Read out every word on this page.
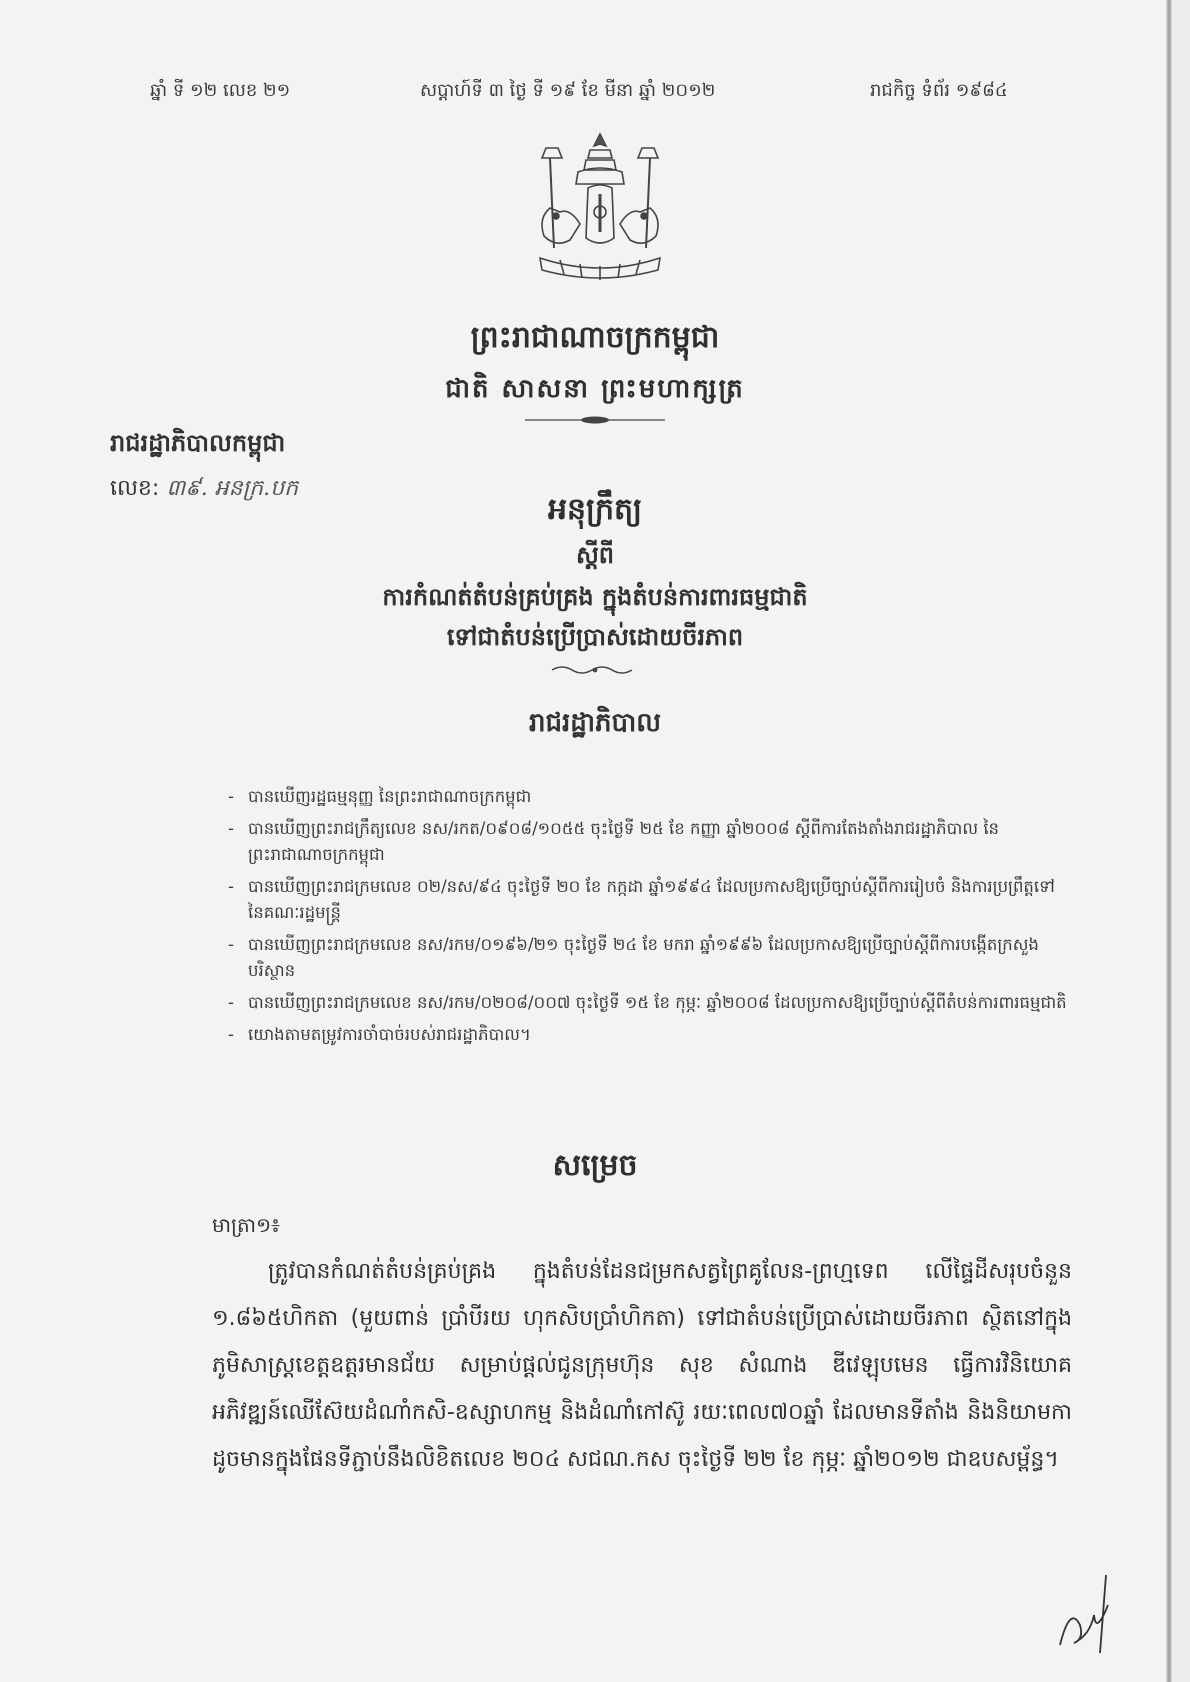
ឆ្នាំ ទី ១២ លេខ ២១	សប្តាហ៍ទី ៣ ថ្ងៃ ទី ១៩ ខែ មីនា ឆ្នាំ ២០១២	រាជកិច្ច ទំព័រ ១៩៨៤
ព្រះរាជាណាចក្រកម្ពុជា
ជាតិ សាសនា ព្រះមហាក្សត្រ
រាជរដ្ឋាភិបាលកម្ពុជា
លេខ: ៣៩. អនក្រ.បក
អនុក្រឹត្យ
ស្តីពី
ការកំណត់តំបន់គ្រប់គ្រង ក្នុងតំបន់ការពារធម្មជាតិ
ទៅជាតំបន់ប្រើប្រាស់ដោយចីរភាព
រាជរដ្ឋាភិបាល
- បានឃើញរដ្ឋធម្មនុញ្ញ នៃព្រះរាជាណាចក្រកម្ពុជា
- បានឃើញព្រះរាជក្រឹត្យលេខ នស/រកត/០៩០៨/១០៥៥ ចុះថ្ងៃទី ២៥ ខែ កញ្ញា ឆ្នាំ២០០៨ ស្តីពីការតែងតាំងរាជរដ្ឋាភិបាល នៃព្រះរាជាណាចក្រកម្ពុជា
- បានឃើញព្រះរាជក្រមលេខ ០២/នស/៩៤ ចុះថ្ងៃទី ២០ ខែ កក្កដា ឆ្នាំ១៩៩៤ ដែលប្រកាសឱ្យប្រើច្បាប់ស្តីពីការរៀបចំ និងការប្រព្រឹត្តទៅ នៃគណៈរដ្ឋមន្ត្រី
- បានឃើញព្រះរាជក្រមលេខ នស/រកម/០១៩៦/២១ ចុះថ្ងៃទី ២៤ ខែ មករា ឆ្នាំ១៩៩៦ ដែលប្រកាសឱ្យប្រើច្បាប់ស្តីពីការបង្កើតក្រសួងបរិស្ថាន
- បានឃើញព្រះរាជក្រមលេខ នស/រកម/០២០៨/០០៧ ចុះថ្ងៃទី ១៥ ខែ កុម្ភៈ ឆ្នាំ២០០៨ ដែលប្រកាសឱ្យប្រើច្បាប់ស្តីពីតំបន់ការពារធម្មជាតិ
- យោងតាមតម្រូវការចាំបាច់របស់រាជរដ្ឋាភិបាល។
សម្រេច
មាត្រា១៖
ត្រូវបានកំណត់តំបន់គ្រប់គ្រង ក្នុងតំបន់ដែនជម្រកសត្វព្រៃគូលែន-ព្រហ្មទេព លើផ្ទៃដីសរុបចំនួន ១.៨៦៥ហិកតា (មួយពាន់ ប្រាំបីរយ ហុកសិបប្រាំហិកតា) ទៅជាតំបន់ប្រើប្រាស់ដោយចីរភាព ស្ថិតនៅក្នុងភូមិសាស្ត្រខេត្តឧត្តរមានជ័យ សម្រាប់ផ្តល់ជូនក្រុមហ៊ុន សុខ សំណាង ឌីវេឡុបមេន ធ្វើការវិនិយោគអភិវឌ្ឍន៍ឈើស៊ែយដំណាំកសិ-ឧស្សាហកម្ម និងដំណាំកៅស៊ូ រយៈពេល៧០ឆ្នាំ ដែលមានទីតាំង និងនិយាមកា ដូចមានក្នុងផែនទីភ្ជាប់នឹងលិខិតលេខ ២០៤ សជណ.កស ចុះថ្ងៃទី ២២ ខែ កុម្ភៈ ឆ្នាំ២០១២ ជាឧបសម្ព័ន្ធ។
